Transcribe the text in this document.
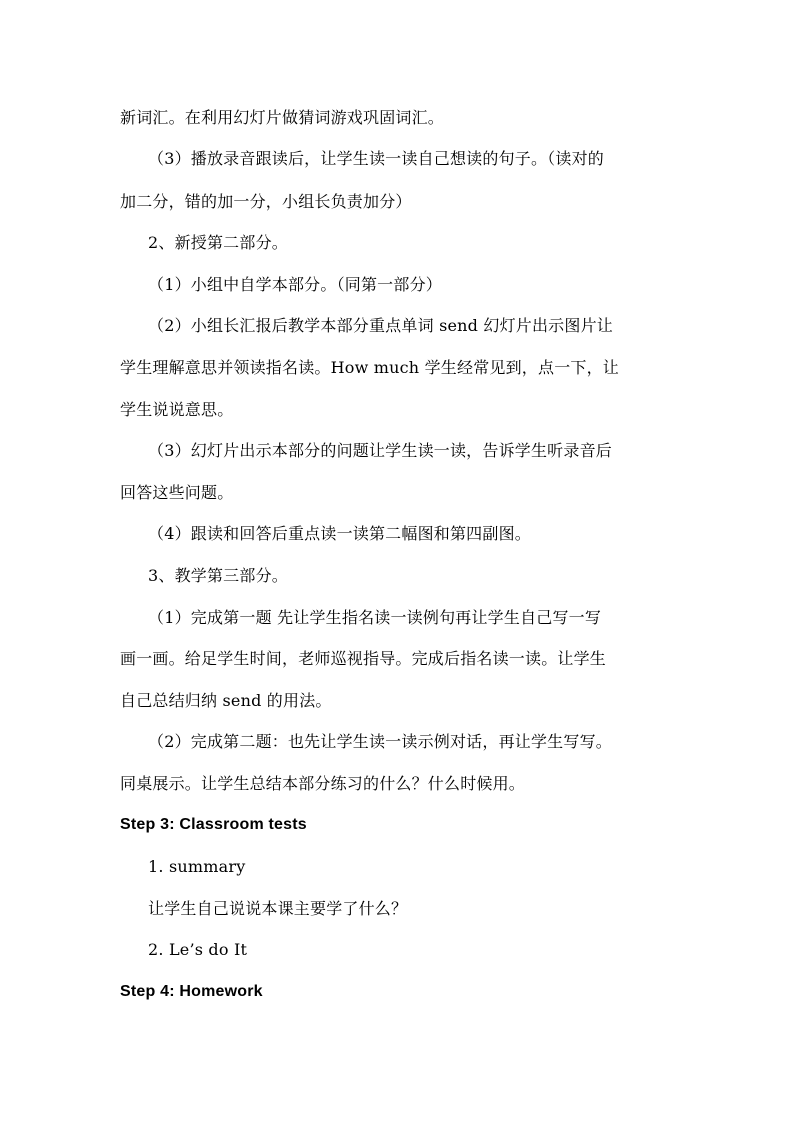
新词汇。在利用幻灯片做猜词游戏巩固词汇。
（3）播放录音跟读后，让学生读一读自己想读的句子。（读对的
加二分，错的加一分，小组长负责加分）
2、新授第二部分。
（1）小组中自学本部分。（同第一部分）
（2）小组长汇报后教学本部分重点单词 send 幻灯片出示图片让
学生理解意思并领读指名读。How much 学生经常见到，点一下，让
学生说说意思。
（3）幻灯片出示本部分的问题让学生读一读，告诉学生听录音后
回答这些问题。
（4）跟读和回答后重点读一读第二幅图和第四副图。
3、教学第三部分。
（1）完成第一题 先让学生指名读一读例句再让学生自己写一写
画一画。给足学生时间，老师巡视指导。完成后指名读一读。让学生
自己总结归纳 send 的用法。
（2）完成第二题：也先让学生读一读示例对话，再让学生写写。
同桌展示。让学生总结本部分练习的什么？什么时候用。
Step 3: Classroom tests
1. summary
让学生自己说说本课主要学了什么？
2. Le’s do It
Step 4: Homework
